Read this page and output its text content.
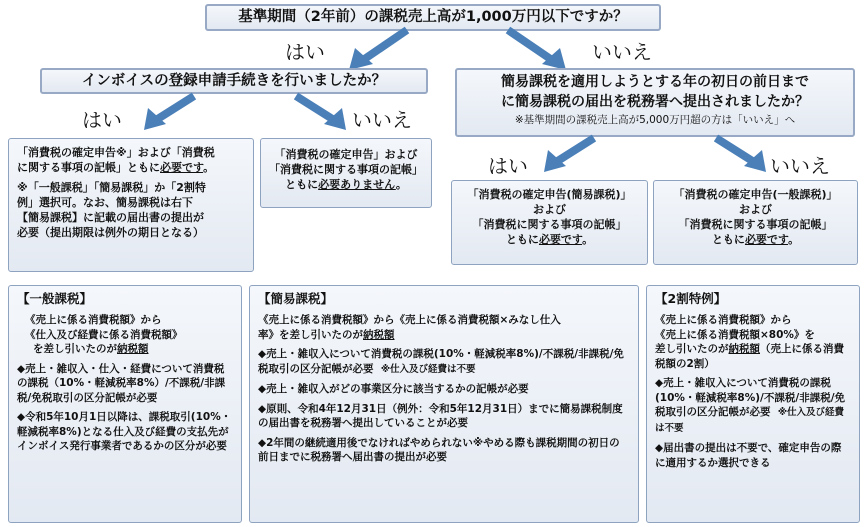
基準期間（2年前）の課税売上高が1,000万円以下ですか？
はい	いいえ
インボイスの登録申請手続きを行いましたか？	簡易課税を適用しようとする年の初日の前日まで

に簡易課税の届出を税務署へ提出されましたか？

※基準期間の課税売上高が5,000万円超の方は「いいえ」へ

はい	いいえ
はい	いいえ

「消費税の確定申告※」および「消費税

に関する事項の記帳」ともに必要です。

※「一般課税」「簡易課税」か「2割特

例」選択可。なお、簡易課税は右下

【簡易課税】に記載の届出書の提出が

必要（提出期限は例外の期日となる）

「消費税の確定申告」および

「消費税に関する事項の記帳」

ともに必要ありません。

「消費税の確定申告(簡易課税)」

および

「消費税に関する事項の記帳」

ともに必要です。

「消費税の確定申告(一般課税)」

および

「消費税に関する事項の記帳」

ともに必要です。

【一般課税】

《売上に係る消費税額》から

《仕入及び経費に係る消費税額》

を差し引いたのが納税額

◆売上・雑収入・仕入・経費について消費税の課税（10%・軽減税率8%）/不課税/非課税/免税取引の区分記帳が必要

◆令和5年10月1日以降は、課税取引(10%・軽減税率8%)となる仕入及び経費の支払先がインボイス発行事業者であるかの区分が必要

【簡易課税】

《売上に係る消費税額》から《売上に係る消費税額×みなし仕入

率》を差し引いたのが納税額

◆売上・雑収入について消費税の課税(10%・軽減税率8%)/不課税/非課税/免税取引の区分記帳が必要 ※仕入及び経費は不要

◆売上・雑収入がどの事業区分に該当するかの記帳が必要

◆原則、令和4年12月31日（例外：令和5年12月31日）までに簡易課税制度の届出書を税務署へ提出していることが必要

◆2年間の継続適用後でなければやめられない※やめる際も課税期間の初日の前日までに税務署へ届出書の提出が必要

【2割特例】

《売上に係る消費税額》から

《売上に係る消費税額×80%》を

差し引いたのが納税額（売上に係る消費税額の2割）

◆売上・雑収入について消費税の課税(10%・軽減税率8%)/不課税/非課税/免税取引の区分記帳が必要 ※仕入及び経費は不要

◆届出書の提出は不要で、確定申告の際に適用するか選択できる
